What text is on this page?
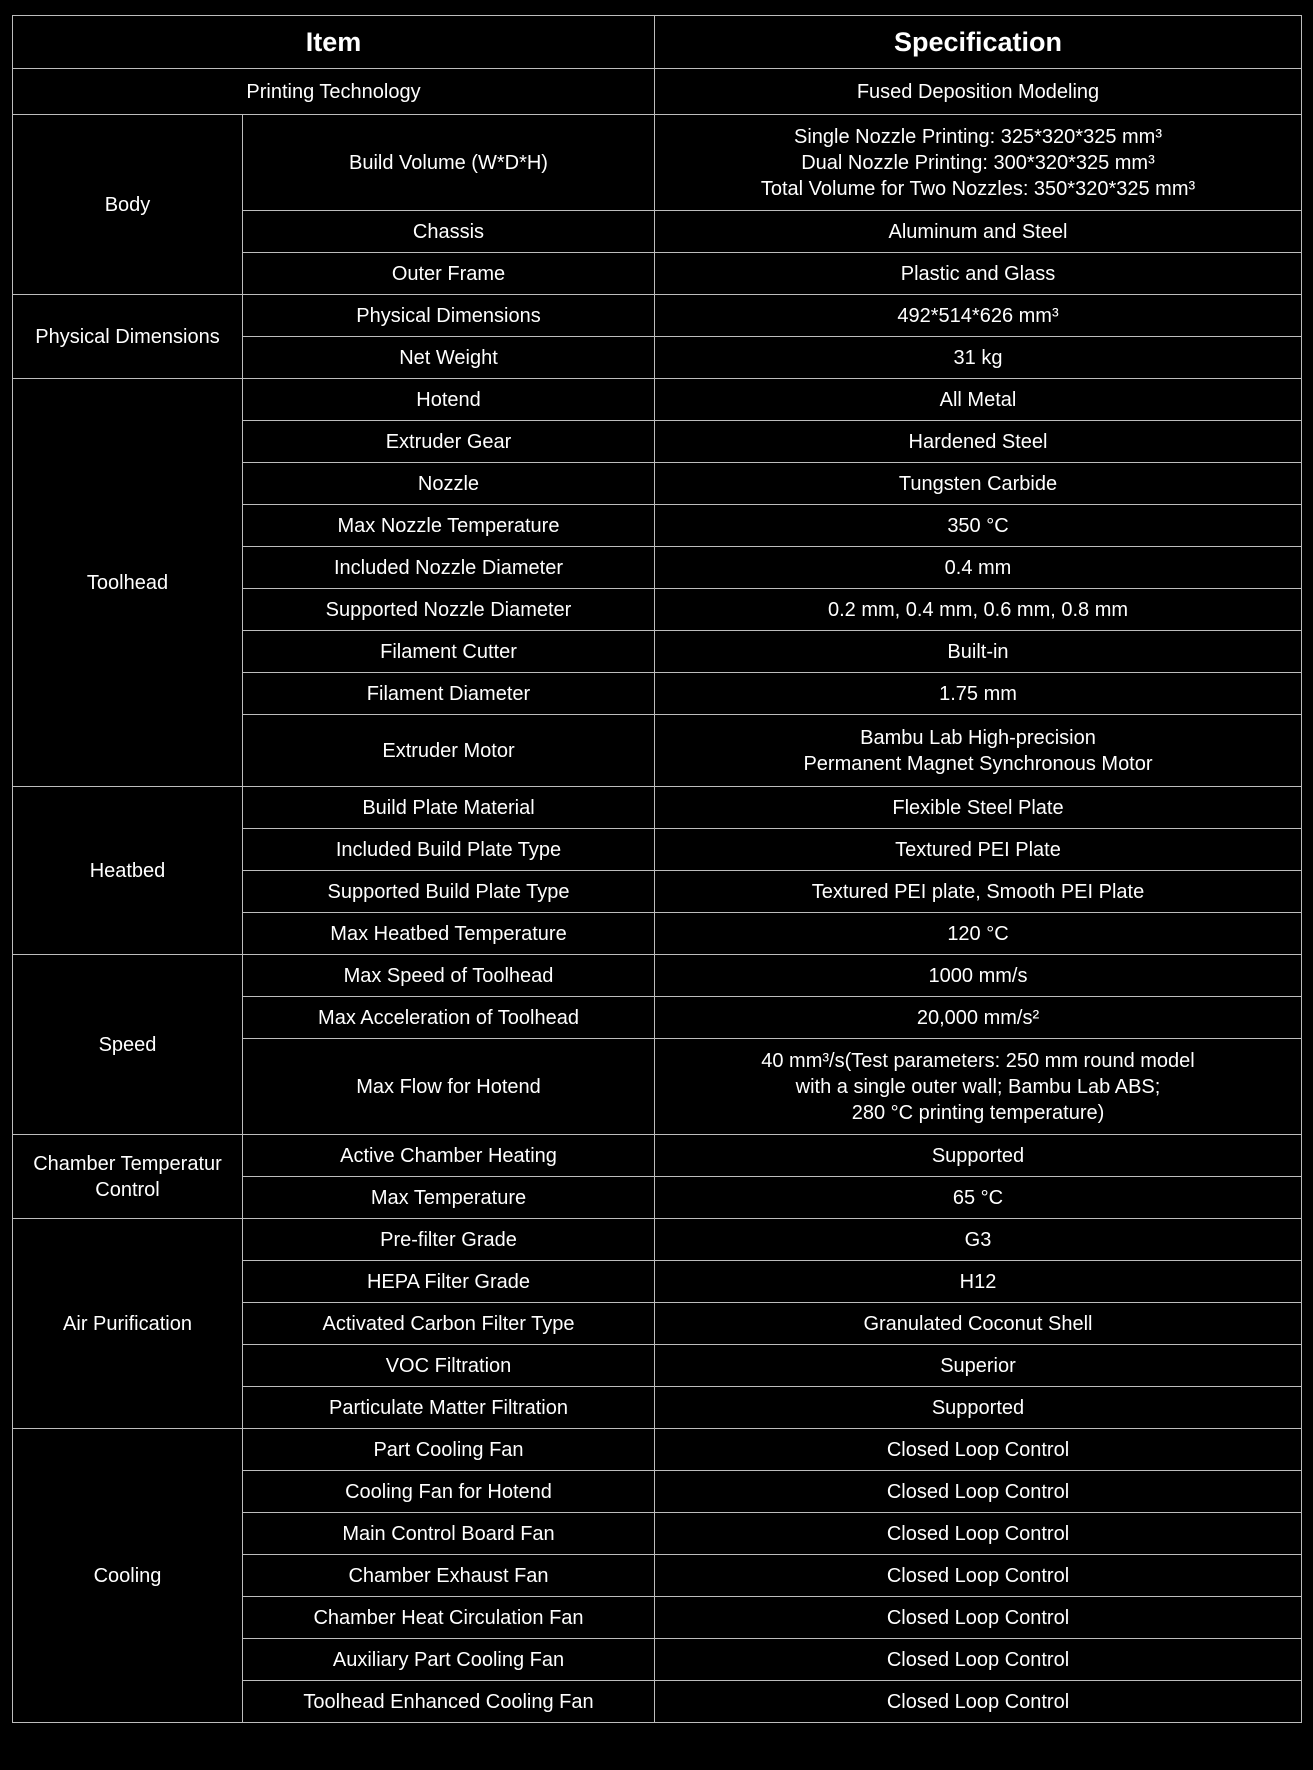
Item		Specification
Printing Technology		Fused Deposition Modeling
Body	Build Volume (W*D*H)	Single Nozzle Printing: 325*320*325 mm³
Dual Nozzle Printing: 300*320*325 mm³
Total Volume for Two Nozzles: 350*320*325 mm³
	Chassis	Aluminum and Steel
	Outer Frame	Plastic and Glass
Physical Dimensions	Physical Dimensions	492*514*626 mm³
	Net Weight	31 kg
Toolhead	Hotend	All Metal
	Extruder Gear	Hardened Steel
	Nozzle	Tungsten Carbide
	Max Nozzle Temperature	350 °C
	Included Nozzle Diameter	0.4 mm
	Supported Nozzle Diameter	0.2 mm, 0.4 mm, 0.6 mm, 0.8 mm
	Filament Cutter	Built-in
	Filament Diameter	1.75 mm
	Extruder Motor	Bambu Lab High-precision
Permanent Magnet Synchronous Motor
Heatbed	Build Plate Material	Flexible Steel Plate
	Included Build Plate Type	Textured PEI Plate
	Supported Build Plate Type	Textured PEI plate, Smooth PEI Plate
	Max Heatbed Temperature	120 °C
Speed	Max Speed of Toolhead	1000 mm/s
	Max Acceleration of Toolhead	20,000 mm/s²
	Max Flow for Hotend	40 mm³/s(Test parameters: 250 mm round model
with a single outer wall; Bambu Lab ABS;
280 °C printing temperature)
Chamber Temperatur Control	Active Chamber Heating	Supported
	Max Temperature	65 °C
Air Purification	Pre-filter Grade	G3
	HEPA Filter Grade	H12
	Activated Carbon Filter Type	Granulated Coconut Shell
	VOC Filtration	Superior
	Particulate Matter Filtration	Supported
Cooling	Part Cooling Fan	Closed Loop Control
	Cooling Fan for Hotend	Closed Loop Control
	Main Control Board Fan	Closed Loop Control
	Chamber Exhaust Fan	Closed Loop Control
	Chamber Heat Circulation Fan	Closed Loop Control
	Auxiliary Part Cooling Fan	Closed Loop Control
	Toolhead Enhanced Cooling Fan	Closed Loop Control
